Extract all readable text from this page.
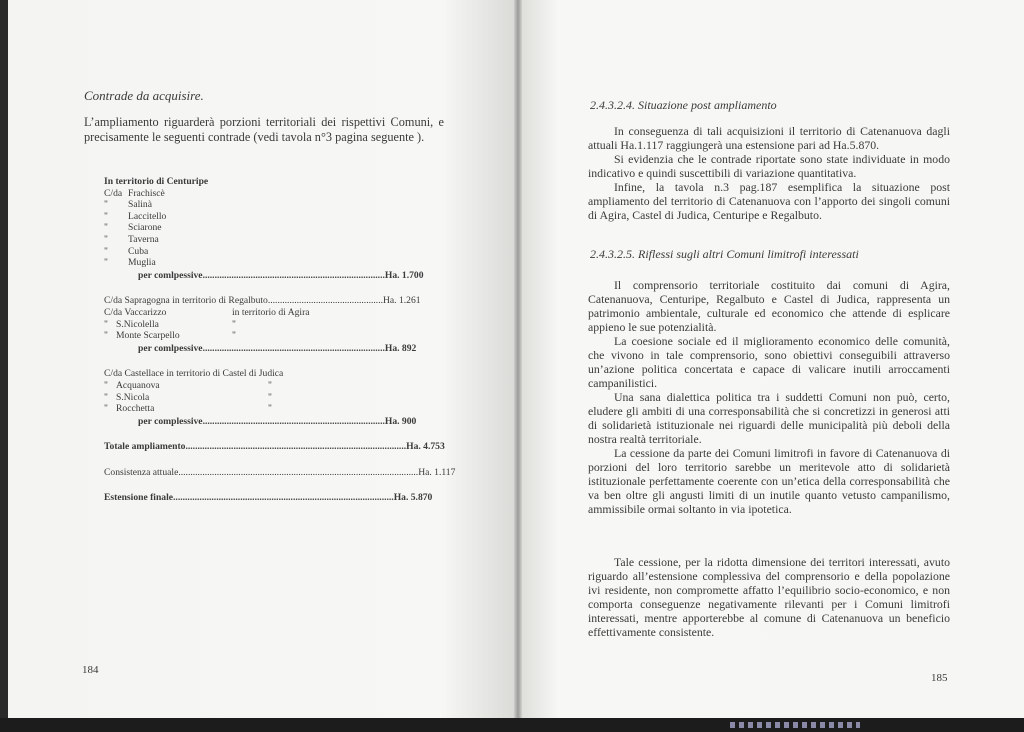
Contrade da acquisire.
L’ampliamento riguarderà porzioni territoriali dei rispettivi Comuni, e precisamente le seguenti contrade (vedi tavola n°3 pagina seguente ).
In territorio di Centuripe
C/da Frachiscè
"	Salinà
"	Laccitello
"	Sciarone
"	Taverna
"	Cuba
"	Muglia
per comlpessive ............................................................................ Ha. 1.700
C/da Sapragogna in territorio di Regalbuto ................................................ Ha. 1.261
C/da Vaccarizzo	in territorio di Agira
" S.Nicolella	"
" Monte Scarpello	"
per comlpessive ............................................................................ Ha. 892
C/da Castellace in territorio di Castel di Judica
" Acquanova	"
" S.Nicola	"
" Rocchetta	"
per complessive ............................................................................ Ha. 900
Totale ampliamento ............................................................................................ Ha. 4.753
Consistenza attuale .................................................................................................... Ha. 1.117
Estensione finale ............................................................................................ Ha. 5.870
184
2.4.3.2.4. Situazione post ampliamento

In conseguenza di tali acquisizioni il territorio di Catenanuova dagli attuali Ha.1.117 raggiungerà una estensione pari ad Ha.5.870.

Si evidenzia che le contrade riportate sono state individuate in modo indicativo e quindi suscettibili di variazione quantitativa.

Infine, la tavola n.3 pag.187 esemplifica la situazione post ampliamento del territorio di Catenanuova con l’apporto dei singoli comuni di Agira, Castel di Judica, Centuripe e Regalbuto.

2.4.3.2.5. Riflessi sugli altri Comuni limitrofi interessati

Il comprensorio territoriale costituito dai comuni di Agira, Catenanuova, Centuripe, Regalbuto e Castel di Judica, rappresenta un patrimonio ambientale, culturale ed economico che attende di esplicare appieno le sue potenzialità.

La coesione sociale ed il miglioramento economico delle comunità, che vivono in tale comprensorio, sono obiettivi conseguibili attraverso un’azione politica concertata e capace di valicare inutili arroccamenti campanilistici.

Una sana dialettica politica tra i suddetti Comuni non può, certo, eludere gli ambiti di una corresponsabilità che si concretizzi in generosi atti di solidarietà istituzionale nei riguardi delle municipalità più deboli della nostra realtà territoriale.

La cessione da parte dei Comuni limitrofi in favore di Catenanuova di porzioni del loro territorio sarebbe un meritevole atto di solidarietà istituzionale perfettamente coerente con un’etica della corresponsabilità che va ben oltre gli angusti limiti di un inutile quanto vetusto campanilismo, ammissibile ormai soltanto in via ipotetica.

Tale cessione, per la ridotta dimensione dei territori interessati, avuto riguardo all’estensione complessiva del comprensorio e della popolazione ivi residente, non compromette affatto l’equilibrio socio-economico, e non comporta conseguenze negativamente rilevanti per i Comuni limitrofi interessati, mentre apporterebbe al comune di Catenanuova un beneficio effettivamente consistente.

185
